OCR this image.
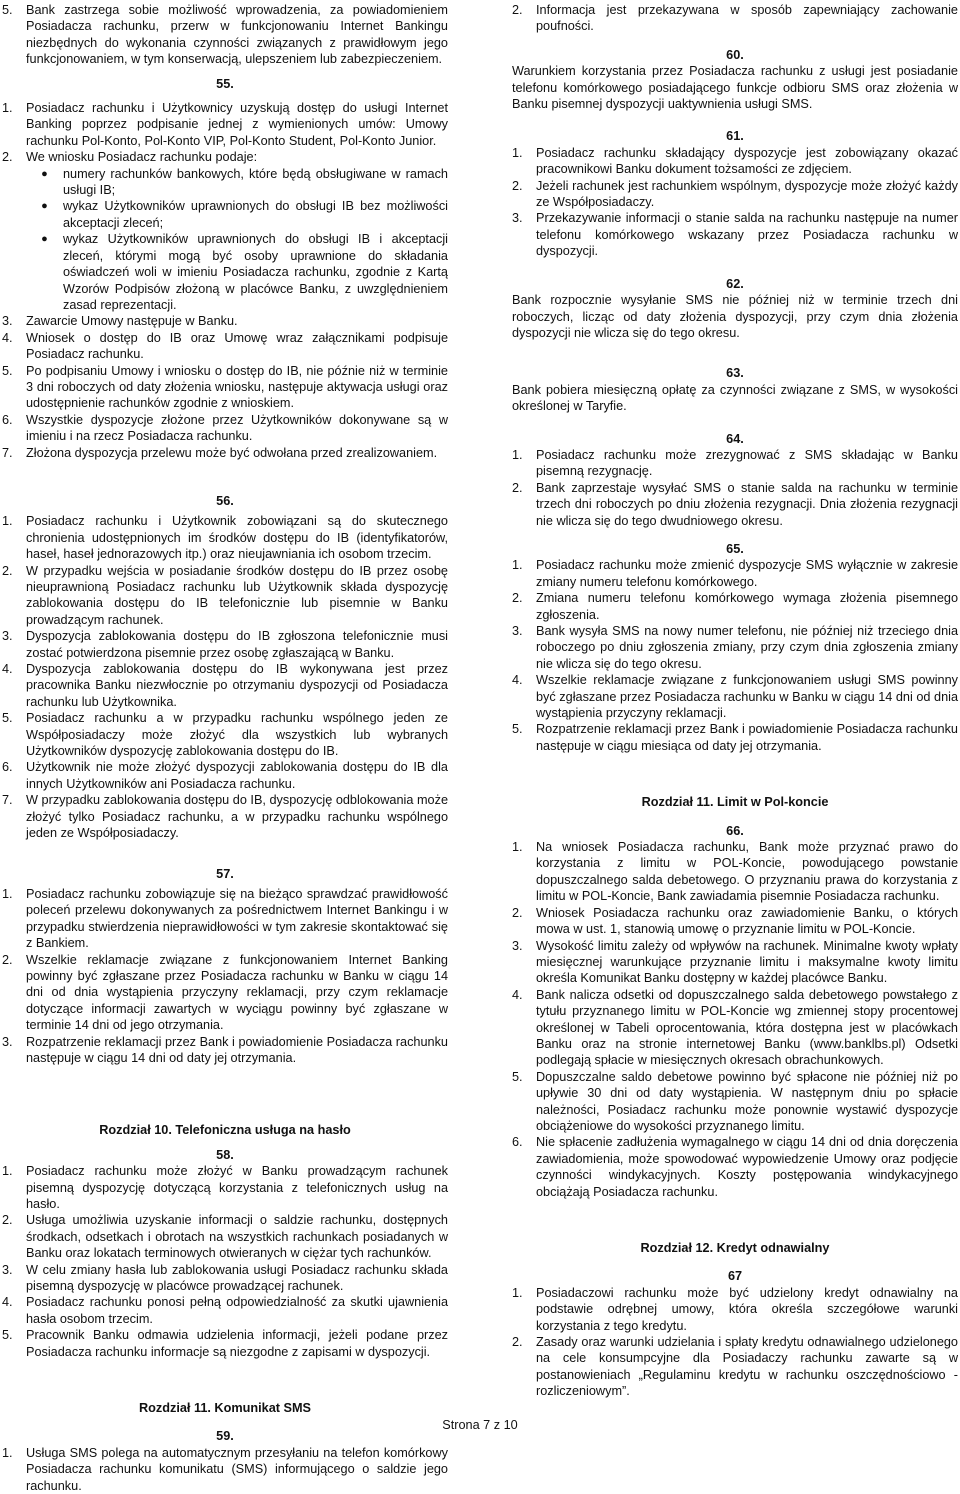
5.	Bank zastrzega sobie możliwość wprowadzenia, za powiadomieniem Posiadacza rachunku, przerw w funkcjonowaniu Internet Bankingu niezbędnych do wykonania czynności związanych z prawidłowym jego funkcjonowaniem, w tym konserwacją, ulepszeniem lub zabezpieczeniem.
55.
1.	Posiadacz rachunku i Użytkownicy uzyskują dostęp do usługi Internet Banking poprzez podpisanie jednej z wymienionych umów: Umowy rachunku Pol-Konto, Pol-Konto VIP, Pol-Konto Student, Pol-Konto Junior.
2.	We wniosku Posiadacz rachunku podaje:
●	numery rachunków bankowych, które będą obsługiwane w ramach usługi IB;
●	wykaz Użytkowników uprawnionych do obsługi IB bez możliwości akceptacji zleceń;
●	wykaz Użytkowników uprawnionych do obsługi IB i akceptacji zleceń, którymi mogą być osoby uprawnione do składania oświadczeń woli w imieniu Posiadacza rachunku, zgodnie z Kartą Wzorów Podpisów złożoną w placówce Banku, z uwzględnieniem zasad reprezentacji.
3.	Zawarcie Umowy następuje w Banku.
4.	Wniosek o dostęp do IB oraz Umowę wraz załącznikami podpisuje Posiadacz rachunku.
5.	Po podpisaniu Umowy i wniosku o dostęp do IB, nie późnie niż w terminie 3 dni roboczych od daty złożenia wniosku, następuje aktywacja usługi oraz udostępnienie rachunków zgodnie z wnioskiem.
6.	Wszystkie dyspozycje złożone przez Użytkowników dokonywane są w imieniu i na rzecz Posiadacza rachunku.
7.	Złożona dyspozycja przelewu może być odwołana przed zrealizowaniem.
56.
1.	Posiadacz rachunku i Użytkownik zobowiązani są do skutecznego chronienia udostępnionych im środków dostępu do IB (identyfikatorów, haseł, haseł jednorazowych itp.) oraz nieujawniania ich osobom trzecim.
2.	W przypadku wejścia w posiadanie środków dostępu do IB przez osobę nieuprawnioną Posiadacz rachunku lub Użytkownik składa dyspozycję zablokowania dostępu do IB telefonicznie lub pisemnie w Banku prowadzącym rachunek.
3.	Dyspozycja zablokowania dostępu do IB zgłoszona telefonicznie musi zostać potwierdzona pisemnie przez osobę zgłaszającą w Banku.
4.	Dyspozycja zablokowania dostępu do IB wykonywana jest przez pracownika Banku niezwłocznie po otrzymaniu dyspozycji od Posiadacza rachunku lub Użytkownika.
5.	Posiadacz rachunku a w przypadku rachunku wspólnego jeden ze Współposiadaczy może złożyć dla wszystkich lub wybranych Użytkowników dyspozycję zablokowania dostępu do IB.
6.	Użytkownik nie może złożyć dyspozycji zablokowania dostępu do IB dla innych Użytkowników ani Posiadacza rachunku.
7.	W przypadku zablokowania dostępu do IB, dyspozycję odblokowania może złożyć tylko Posiadacz rachunku, a w przypadku rachunku wspólnego jeden ze Współposiadaczy.
57.
1.	Posiadacz rachunku zobowiązuje się na bieżąco sprawdzać prawidłowość poleceń przelewu dokonywanych za pośrednictwem Internet Bankingu i w przypadku stwierdzenia nieprawidłowości w tym zakresie skontaktować się z Bankiem.
2.	Wszelkie reklamacje związane z funkcjonowaniem Internet Banking powinny być zgłaszane przez Posiadacza rachunku w Banku w ciągu 14 dni od dnia wystąpienia przyczyny reklamacji, przy czym reklamacje dotyczące informacji zawartych w wyciągu powinny być zgłaszane w terminie 14 dni od jego otrzymania.
3.	Rozpatrzenie reklamacji przez Bank i powiadomienie Posiadacza rachunku następuje w ciągu 14 dni od daty jej otrzymania.
Rozdział 10. Telefoniczna usługa na hasło
58.
1.	Posiadacz rachunku może złożyć w Banku prowadzącym rachunek pisemną dyspozycję dotyczącą korzystania z telefonicznych usług na hasło.
2.	Usługa umożliwia uzyskanie informacji o saldzie rachunku, dostępnych środkach, odsetkach i obrotach na wszystkich rachunkach posiadanych w Banku oraz lokatach terminowych otwieranych w ciężar tych rachunków.
3.	W celu zmiany hasła lub zablokowania usługi Posiadacz rachunku składa pisemną dyspozycję w placówce prowadzącej rachunek.
4.	Posiadacz rachunku ponosi pełną odpowiedzialność za skutki ujawnienia hasła osobom trzecim.
5.	Pracownik Banku odmawia udzielenia informacji, jeżeli podane przez Posiadacza rachunku informacje są niezgodne z zapisami w dyspozycji.
Rozdział 11. Komunikat SMS
59.
1.	Usługa SMS polega na automatycznym przesyłaniu na telefon komórkowy Posiadacza rachunku komunikatu (SMS) informującego o saldzie jego rachunku.
2.	Informacja jest przekazywana w sposób zapewniający zachowanie poufności.
60.
Warunkiem korzystania przez Posiadacza rachunku z usługi jest posiadanie telefonu komórkowego posiadającego funkcje odbioru SMS oraz złożenia w Banku pisemnej dyspozycji uaktywnienia usługi SMS.
61.
1.	Posiadacz rachunku składający dyspozycje jest zobowiązany okazać pracownikowi Banku dokument tożsamości ze zdjęciem.
2.	Jeżeli rachunek jest rachunkiem wspólnym, dyspozycje może złożyć każdy ze Współposiadaczy.
3.	Przekazywanie informacji o stanie salda na rachunku następuje na numer telefonu komórkowego wskazany przez Posiadacza rachunku w dyspozycji.
62.
Bank rozpocznie wysyłanie SMS nie później niż w terminie trzech dni roboczych, licząc od daty złożenia dyspozycji, przy czym dnia złożenia dyspozycji nie wlicza się do tego okresu.
63.
Bank pobiera miesięczną opłatę za czynności związane z SMS, w wysokości określonej w Taryfie.
64.
1.	Posiadacz rachunku może zrezygnować z SMS składając w Banku pisemną rezygnację.
2.	Bank zaprzestaje wysyłać SMS o stanie salda na rachunku w terminie trzech dni roboczych po dniu złożenia rezygnacji. Dnia złożenia rezygnacji nie wlicza się do tego dwudniowego okresu.
65.
1.	Posiadacz rachunku może zmienić dyspozycje SMS wyłącznie w zakresie zmiany numeru telefonu komórkowego.
2.	Zmiana numeru telefonu komórkowego wymaga złożenia pisemnego zgłoszenia.
3.	Bank wysyła SMS na nowy numer telefonu, nie później niż trzeciego dnia roboczego po dniu zgłoszenia zmiany, przy czym dnia zgłoszenia zmiany nie wlicza się do tego okresu.
4.	Wszelkie reklamacje związane z funkcjonowaniem usługi SMS powinny być zgłaszane przez Posiadacza rachunku w Banku w ciągu 14 dni od dnia wystąpienia przyczyny reklamacji.
5.	Rozpatrzenie reklamacji przez Bank i powiadomienie Posiadacza rachunku następuje w ciągu miesiąca od daty jej otrzymania.
Rozdział 11. Limit w Pol-koncie
66.
1.	Na wniosek Posiadacza rachunku, Bank może przyznać prawo do korzystania z limitu w POL-Koncie, powodującego powstanie dopuszczalnego salda debetowego. O przyznaniu prawa do korzystania z limitu w POL-Koncie, Bank zawiadamia pisemnie Posiadacza rachunku.
2.	Wniosek Posiadacza rachunku oraz zawiadomienie Banku, o których mowa w ust. 1, stanowią umowę o przyznanie limitu w POL-Koncie.
3.	Wysokość limitu zależy od wpływów na rachunek. Minimalne kwoty wpłaty miesięcznej warunkujące przyznanie limitu i maksymalne kwoty limitu określa Komunikat Banku dostępny w każdej placówce Banku.
4.	Bank nalicza odsetki od dopuszczalnego salda debetowego powstałego z tytułu przyznanego limitu w POL-Koncie wg zmiennej stopy procentowej określonej w Tabeli oprocentowania, która dostępna jest w placówkach Banku oraz na stronie internetowej Banku (www.banklbs.pl) Odsetki podlegają spłacie w miesięcznych okresach obrachunkowych.
5.	Dopuszczalne saldo debetowe powinno być spłacone nie później niż po upływie 30 dni od daty wystąpienia. W następnym dniu po spłacie należności, Posiadacz rachunku może ponownie wystawić dyspozycje obciążeniowe do wysokości przyznanego limitu.
6.	Nie spłacenie zadłużenia wymagalnego w ciągu 14 dni od dnia doręczenia zawiadomienia, może spowodować wypowiedzenie Umowy oraz podjęcie czynności windykacyjnych. Koszty postępowania windykacyjnego obciążają Posiadacza rachunku.
Rozdział 12. Kredyt odnawialny
67
1.	Posiadaczowi rachunku może być udzielony kredyt odnawialny na podstawie odrębnej umowy, która określa szczegółowe warunki korzystania z tego kredytu.
2.	Zasady oraz warunki udzielania i spłaty kredytu odnawialnego udzielonego na cele konsumpcyjne dla Posiadaczy rachunku zawarte są w postanowieniach „Regulaminu kredytu w rachunku oszczędnościowo - rozliczeniowym”.
Strona 7 z 10
